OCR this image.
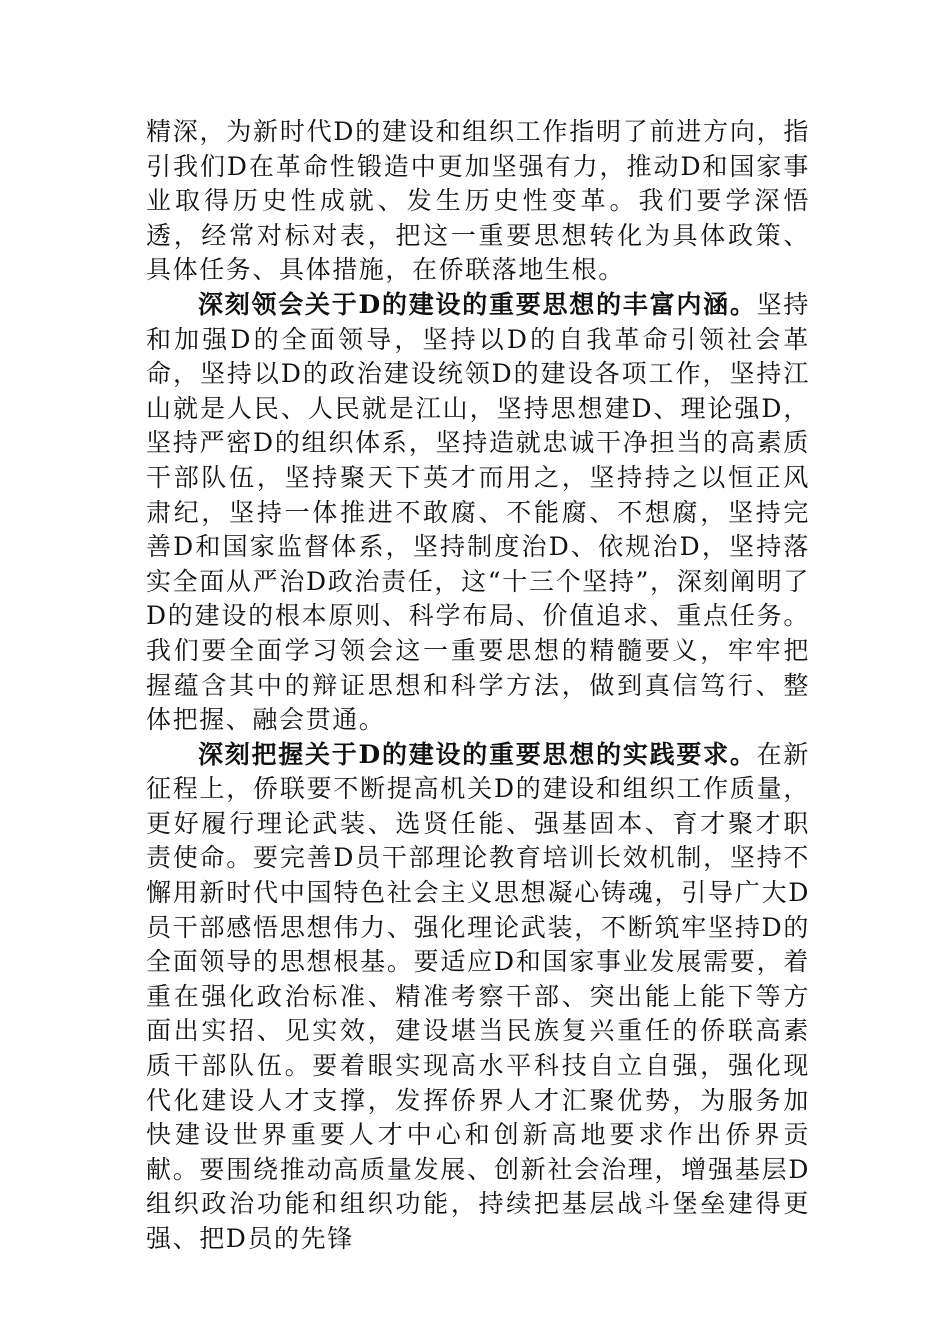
精深，为新时代D的建设和组织工作指明了前进方向，指引我们D在革命性锻造中更加坚强有力，推动D和国家事业取得历史性成就、发生历史性变革。我们要学深悟透，经常对标对表，把这一重要思想转化为具体政策、具体任务、具体措施，在侨联落地生根。

深刻领会关于D的建设的重要思想的丰富内涵。坚持和加强D的全面领导，坚持以D的自我革命引领社会革命，坚持以D的政治建设统领D的建设各项工作，坚持江山就是人民、人民就是江山，坚持思想建D、理论强D，坚持严密D的组织体系，坚持造就忠诚干净担当的高素质干部队伍，坚持聚天下英才而用之，坚持持之以恒正风肃纪，坚持一体推进不敢腐、不能腐、不想腐，坚持完善D和国家监督体系，坚持制度治D、依规治D，坚持落实全面从严治D政治责任，这“十三个坚持”，深刻阐明了D的建设的根本原则、科学布局、价值追求、重点任务。我们要全面学习领会这一重要思想的精髓要义，牢牢把握蕴含其中的辩证思想和科学方法，做到真信笃行、整体把握、融会贯通。

深刻把握关于D的建设的重要思想的实践要求。在新征程上，侨联要不断提高机关D的建设和组织工作质量，更好履行理论武装、选贤任能、强基固本、育才聚才职责使命。要完善D员干部理论教育培训长效机制，坚持不懈用新时代中国特色社会主义思想凝心铸魂，引导广大D员干部感悟思想伟力、强化理论武装，不断筑牢坚持D的全面领导的思想根基。要适应D和国家事业发展需要，着重在强化政治标准、精准考察干部、突出能上能下等方面出实招、见实效，建设堪当民族复兴重任的侨联高素质干部队伍。要着眼实现高水平科技自立自强，强化现代化建设人才支撑，发挥侨界人才汇聚优势，为服务加快建设世界重要人才中心和创新高地要求作出侨界贡献。要围绕推动高质量发展、创新社会治理，增强基层D组织政治功能和组织功能，持续把基层战斗堡垒建得更强、把D员的先锋
